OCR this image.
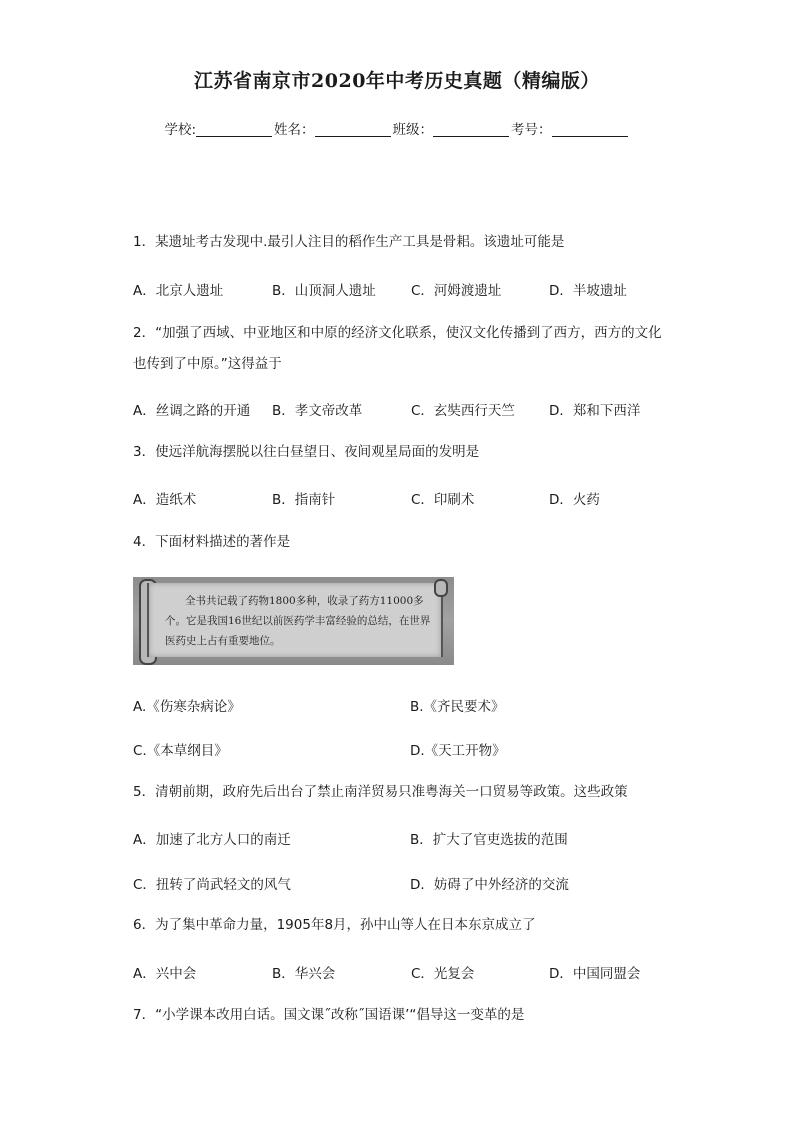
江苏省南京市2020年中考历史真题（精编版）
学校:	姓名：	班级：	考号：
1．某遗址考古发现中.最引人注目的稻作生产工具是骨耜。该遗址可能是
A．北京人遗址	B．山顶洞人遗址	C．河姆渡遗址	D．半坡遗址
2．“加强了西域、中亚地区和中原的经济文化联系，使汉文化传播到了西方，西方的文化也传到了中原。”这得益于
A．丝调之路的开通 B．孝文帝改革	C．玄奘西行天竺	D．郑和下西洋
3．使远洋航海摆脱以往白昼望日、夜间观星局面的发明是
A．造纸术	B．指南针	C．印刷术	D．火药
4．下面材料描述的著作是
全书共记载了药物1800多种，收录了药方11000多个。它是我国16世纪以前医药学丰富经验的总结，在世界医药史上占有重要地位。
A.《伤寒杂病论》	B.《齐民要术》
C.《本草纲目》	D.《天工开物》
5．清朝前期，政府先后出台了禁止南洋贸易只准粤海关一口贸易等政策。这些政策
A．加速了北方人口的南迁	B．扩大了官吏选拔的范围
C．扭转了尚武轻文的风气	D．妨碍了中外经济的交流
6．为了集中革命力量，1905年8月，孙中山等人在日本东京成立了
A．兴中会	B．华兴会	C．光复会	D．中国同盟会
7．“小学课本改用白话。国文课˝改称˝国语课’“倡导这一变革的是
